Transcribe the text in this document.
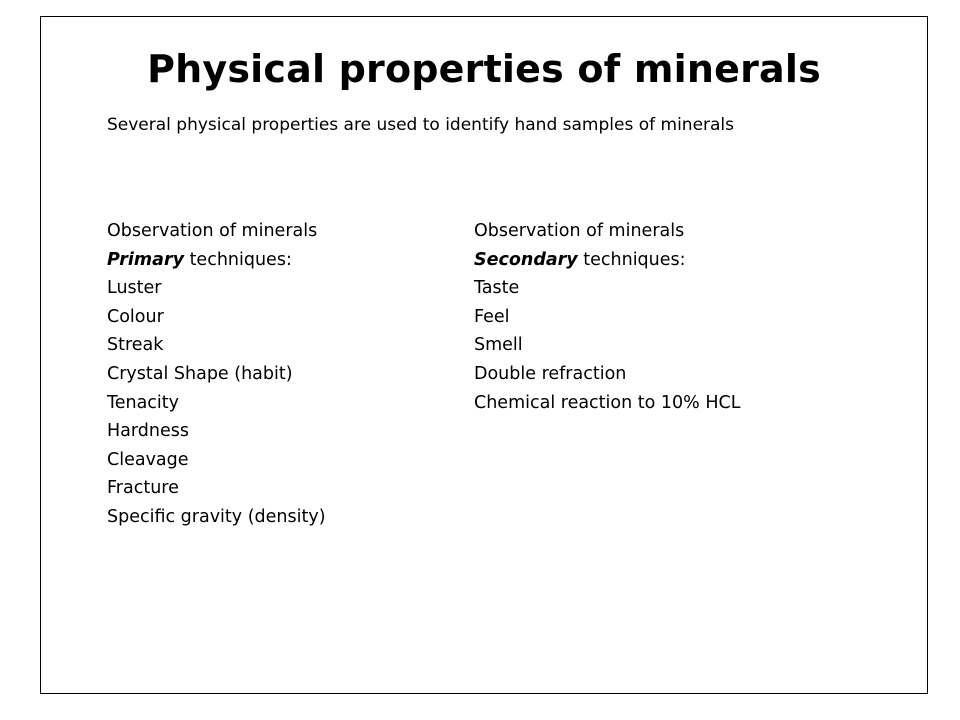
Physical properties of minerals
Several physical properties are used to identify hand samples of minerals
Observation of minerals
Primary techniques:
Luster
Colour
Streak
Crystal Shape (habit)
Tenacity
Hardness
Cleavage
Fracture
Specific gravity (density)
Observation of minerals
Secondary techniques:
Taste
Feel
Smell
Double refraction
Chemical reaction to 10% HCL
